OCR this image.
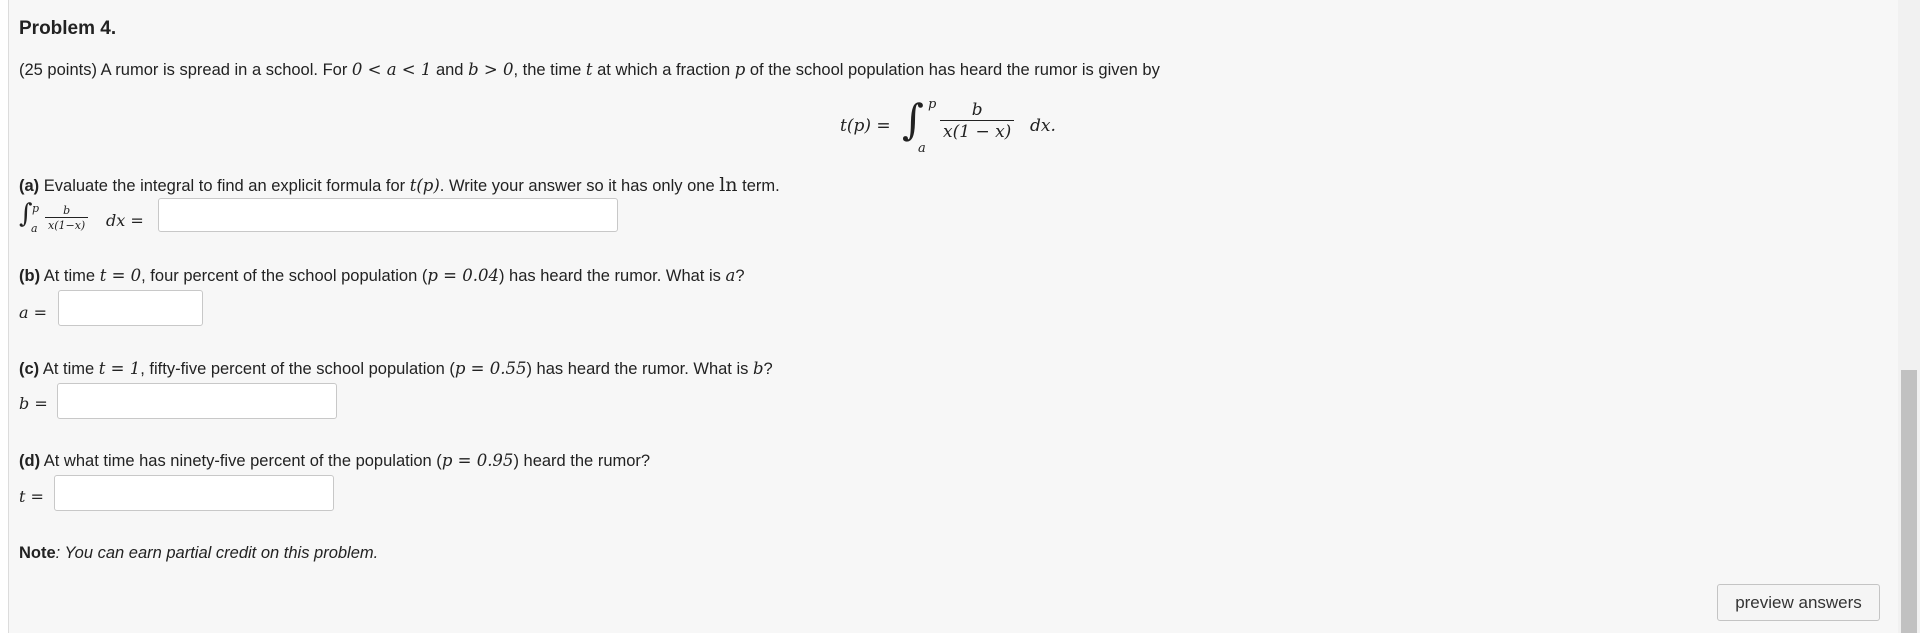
Problem 4.
(25 points) A rumor is spread in a school. For 0 < a < 1 and b > 0, the time t at which a fraction p of the school population has heard the rumor is given by
t(p) = ∫ p
a
$\frac{b}{x(1 - x)}$ dx.
(a) Evaluate the integral to find an explicit formula for t(p). Write your answer so it has only one ln term.
∫ p
a $\frac{b}{x(1-x)}$ dx =
(b) At time t = 0, four percent of the school population (p = 0.04) has heard the rumor. What is a?
a =
(c) At time t = 1, fifty-five percent of the school population (p = 0.55) has heard the rumor. What is b?
b =
(d) At what time has ninety-five percent of the population (p = 0.95) heard the rumor?
t =
Note: You can earn partial credit on this problem.
preview answers
